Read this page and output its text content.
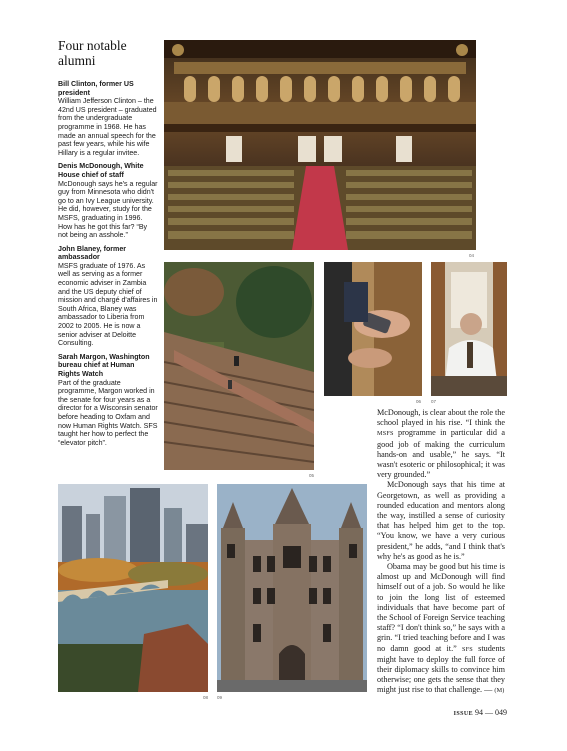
Four notable alumni
Bill Clinton, former US president
William Jefferson Clinton – the 42nd US president – graduated from the undergraduate programme in 1968. He has made an annual speech for the past few years, while his wife Hillary is a regular invitee.
Denis McDonough, White House chief of staff
McDonough says he's a regular guy from Minnesota who didn't go to an Ivy League university. He did, however, study for the MSFS, graduating in 1996. How has he got this far? “By not being an asshole.”
John Blaney, former ambassador
MSFS graduate of 1976. As well as serving as a former economic adviser in Zambia and the US deputy chief of mission and chargé d'affaires in South Africa, Blaney was ambassador to Liberia from 2002 to 2005. He is now a senior adviser at Deloitte Consulting.
Sarah Margon, Washington bureau chief at Human Rights Watch
Part of the graduate programme, Margon worked in the senate for four years as a director for a Wisconsin senator before heading to Oxfam and now Human Rights Watch. SFS taught her how to perfect the “elevator pitch”.
04
05
06 07
08 09

McDonough, is clear about the role the school played in his rise. “I think the MSFS programme in particular did a good job of making the curriculum hands-on and usable,” he says. “It wasn't esoteric or philosophical; it was very grounded.”

McDonough says that his time at Georgetown, as well as providing a rounded education and mentors along the way, instilled a sense of curiosity that has helped him get to the top. “You know, we have a very curious president,” he adds, “and I think that's why he's as good as he is.”

Obama may be good but his time is almost up and McDonough will find himself out of a job. So would he like to join the long list of esteemed individuals that have become part of the School of Foreign Service teaching staff? “I don't think so,” he says with a grin. “I tried teaching before and I was no damn good at it.” SFS students might have to deploy the full force of their diplomacy skills to convince him otherwise; one gets the sense that they might just rise to that challenge. — (M)

ISSUE 94 — 049
